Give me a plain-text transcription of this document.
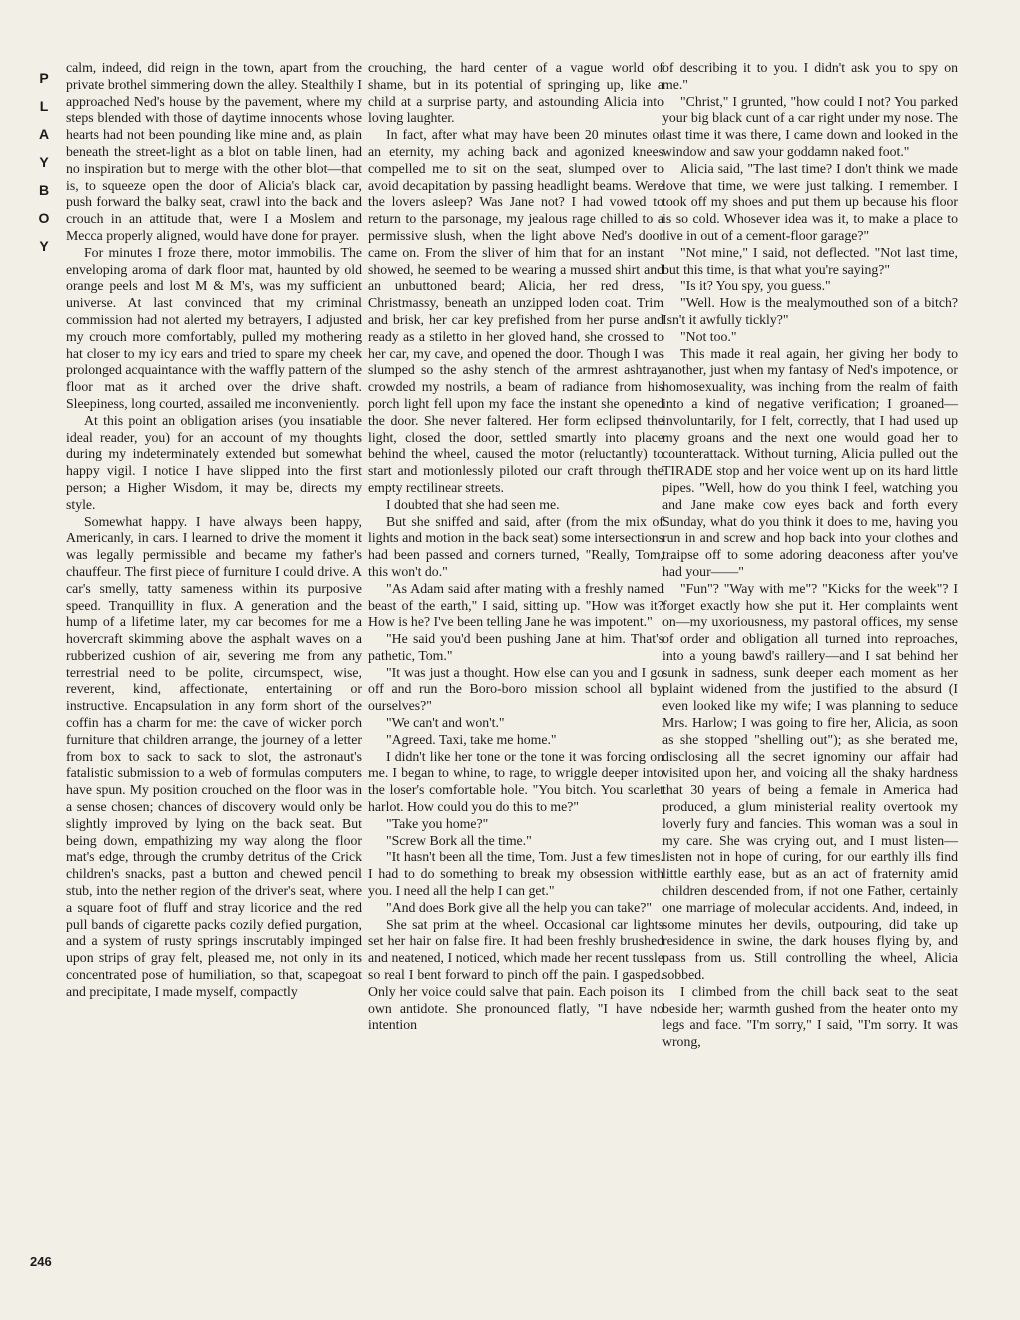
P
L
A
Y
B
O
Y

calm, indeed, did reign in the town, apart from the private brothel simmering down the alley. Stealthily I approached Ned's house by the pavement, where my steps blended with those of daytime innocents whose hearts had not been pounding like mine and, as plain beneath the street-light as a blot on table linen, had no inspiration but to merge with the other blot—that is, to squeeze open the door of Alicia's black car, push forward the balky seat, crawl into the back and crouch in an attitude that, were I a Moslem and Mecca properly aligned, would have done for prayer.

For minutes I froze there, motor immobilis. The enveloping aroma of dark floor mat, haunted by old orange peels and lost M & M's, was my sufficient universe. At last convinced that my criminal commission had not alerted my betrayers, I adjusted my crouch more comfortably, pulled my mothering hat closer to my icy ears and tried to spare my cheek prolonged acquaintance with the waffly pattern of the floor mat as it arched over the drive shaft. Sleepiness, long courted, assailed me inconveniently.

At this point an obligation arises (you insatiable ideal reader, you) for an account of my thoughts during my indeterminately extended but somewhat happy vigil. I notice I have slipped into the first person; a Higher Wisdom, it may be, directs my style.

Somewhat happy. I have always been happy, Americanly, in cars. I learned to drive the moment it was legally permissible and became my father's chauffeur. The first piece of furniture I could drive. A car's smelly, tatty sameness within its purposive speed. Tranquillity in flux. A generation and the hump of a lifetime later, my car becomes for me a hovercraft skimming above the asphalt waves on a rubberized cushion of air, severing me from any terrestrial need to be polite, circumspect, wise, reverent, kind, affectionate, entertaining or instructive. Encapsulation in any form short of the coffin has a charm for me: the cave of wicker porch furniture that children arrange, the journey of a letter from box to sack to sack to slot, the astronaut's fatalistic submission to a web of formulas computers have spun. My position crouched on the floor was in a sense chosen; chances of discovery would only be slightly improved by lying on the back seat. But being down, empathizing my way along the floor mat's edge, through the crumby detritus of the Crick children's snacks, past a button and chewed pencil stub, into the nether region of the driver's seat, where a square foot of fluff and stray licorice and the red pull bands of cigarette packs cozily defied purgation, and a system of rusty springs inscrutably impinged upon strips of gray felt, pleased me, not only in its concentrated pose of humiliation, so that, scapegoat and precipitate, I made myself, compactly

crouching, the hard center of a vague world of shame, but in its potential of springing up, like a child at a surprise party, and astounding Alicia into loving laughter.

In fact, after what may have been 20 minutes or an eternity, my aching back and agonized knees compelled me to sit on the seat, slumped over to avoid decapitation by passing headlight beams. Were the lovers asleep? Was Jane not? I had vowed to return to the parsonage, my jealous rage chilled to a permissive slush, when the light above Ned's door came on. From the sliver of him that for an instant showed, he seemed to be wearing a mussed shirt and an unbuttoned beard; Alicia, her red dress, Christmassy, beneath an unzipped loden coat. Trim and brisk, her car key prefished from her purse and ready as a stiletto in her gloved hand, she crossed to her car, my cave, and opened the door. Though I was slumped so the ashy stench of the armrest ashtray crowded my nostrils, a beam of radiance from his porch light fell upon my face the instant she opened the door. She never faltered. Her form eclipsed the light, closed the door, settled smartly into place behind the wheel, caused the motor (reluctantly) to start and motionlessly piloted our craft through the empty rectilinear streets.

I doubted that she had seen me.

But she sniffed and said, after (from the mix of lights and motion in the back seat) some intersections had been passed and corners turned, "Really, Tom, this won't do."

"As Adam said after mating with a freshly named beast of the earth," I said, sitting up. "How was it? How is he? I've been telling Jane he was impotent."

"He said you'd been pushing Jane at him. That's pathetic, Tom."

"It was just a thought. How else can you and I go off and run the Boro-boro mission school all by ourselves?"

"We can't and won't."

"Agreed. Taxi, take me home."

I didn't like her tone or the tone it was forcing on me. I began to whine, to rage, to wriggle deeper into the loser's comfortable hole. "You bitch. You scarlet harlot. How could you do this to me?"

"Take you home?"

"Screw Bork all the time."

"It hasn't been all the time, Tom. Just a few times. I had to do something to break my obsession with you. I need all the help I can get."

"And does Bork give all the help you can take?"

She sat prim at the wheel. Occasional car lights set her hair on false fire. It had been freshly brushed and neatened, I noticed, which made her recent tussle so real I bent forward to pinch off the pain. I gasped. Only her voice could salve that pain. Each poison its own antidote. She pronounced flatly, "I have no intention

of describing it to you. I didn't ask you to spy on me."

"Christ," I grunted, "how could I not? You parked your big black cunt of a car right under my nose. The last time it was there, I came down and looked in the window and saw your goddamn naked foot."

Alicia said, "The last time? I don't think we made love that time, we were just talking. I remember. I took off my shoes and put them up because his floor is so cold. Whosever idea was it, to make a place to live in out of a cement-floor garage?"

"Not mine," I said, not deflected. "Not last time, but this time, is that what you're saying?"

"Is it? You spy, you guess."

"Well. How is the mealymouthed son of a bitch? Isn't it awfully tickly?"

"Not too."

This made it real again, her giving her body to another, just when my fantasy of Ned's impotence, or homosexuality, was inching from the realm of faith into a kind of negative verification; I groaned—involuntarily, for I felt, correctly, that I had used up my groans and the next one would goad her to counterattack. Without turning, Alicia pulled out the TIRADE stop and her voice went up on its hard little pipes. "Well, how do you think I feel, watching you and Jane make cow eyes back and forth every Sunday, what do you think it does to me, having you run in and screw and hop back into your clothes and traipse off to some adoring deaconess after you've had your——"

"Fun"? "Way with me"? "Kicks for the week"? I forget exactly how she put it. Her complaints went on—my uxoriousness, my pastoral offices, my sense of order and obligation all turned into reproaches, into a young bawd's raillery—and I sat behind her sunk in sadness, sunk deeper each moment as her plaint widened from the justified to the absurd (I even looked like my wife; I was planning to seduce Mrs. Harlow; I was going to fire her, Alicia, as soon as she stopped "shelling out"); as she berated me, disclosing all the secret ignominy our affair had visited upon her, and voicing all the shaky hardness that 30 years of being a female in America had produced, a glum ministerial reality overtook my loverly fury and fancies. This woman was a soul in my care. She was crying out, and I must listen—listen not in hope of curing, for our earthly ills find little earthly ease, but as an act of fraternity amid children descended from, if not one Father, certainly one marriage of molecular accidents. And, indeed, in some minutes her devils, outpouring, did take up residence in swine, the dark houses flying by, and pass from us. Still controlling the wheel, Alicia sobbed.

I climbed from the chill back seat to the seat beside her; warmth gushed from the heater onto my legs and face. "I'm sorry," I said, "I'm sorry. It was wrong,

246
